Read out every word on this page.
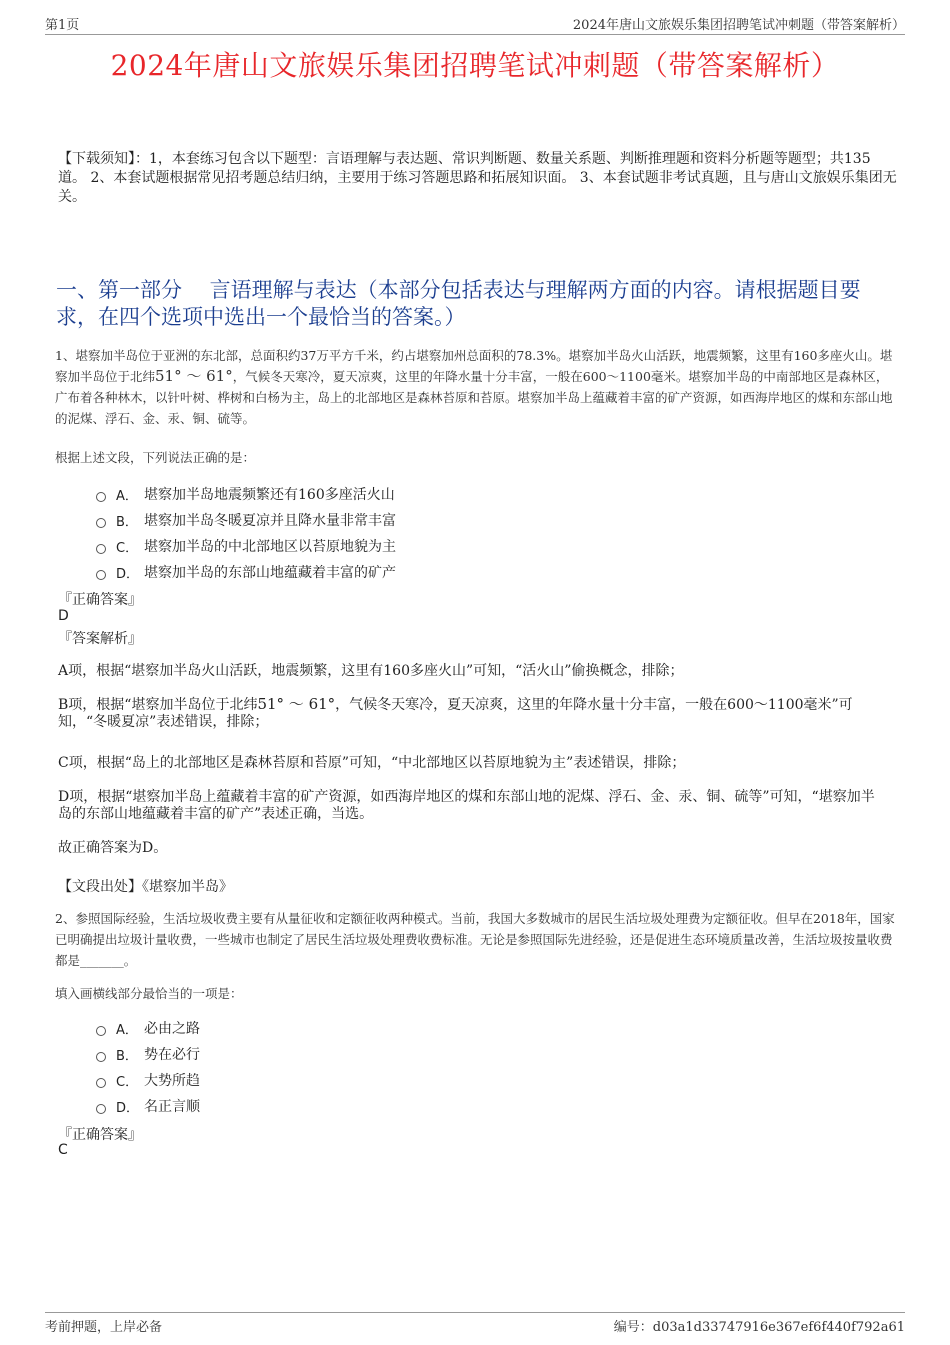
第1页	2024年唐山文旅娱乐集团招聘笔试冲刺题（带答案解析）
2024年唐山文旅娱乐集团招聘笔试冲刺题（带答案解析）
【下载须知】：1，本套练习包含以下题型：言语理解与表达题、常识判断题、数量关系题、判断推理题和资料分析题等题型；共135道。 2、本套试题根据常见招考题总结归纳，主要用于练习答题思路和拓展知识面。 3、本套试题非考试真题，且与唐山文旅娱乐集团无关。
一、第一部分　 言语理解与表达（本部分包括表达与理解两方面的内容。请根据题目要求，在四个选项中选出一个最恰当的答案。）
1、堪察加半岛位于亚洲的东北部，总面积约37万平方千米，约占堪察加州总面积的78.3%。堪察加半岛火山活跃，地震频繁，这里有160多座火山。堪察加半岛位于北纬51° ～ 61°，气候冬天寒冷，夏天凉爽，这里的年降水量十分丰富，一般在600～1100毫米。堪察加半岛的中南部地区是森林区，广布着各种林木，以针叶树、桦树和白杨为主，岛上的北部地区是森林苔原和苔原。堪察加半岛上蕴藏着丰富的矿产资源，如西海岸地区的煤和东部山地的泥煤、浮石、金、汞、铜、硫等。
根据上述文段，下列说法正确的是：
A． 堪察加半岛地震频繁还有160多座活火山
B． 堪察加半岛冬暖夏凉并且降水量非常丰富
C． 堪察加半岛的中北部地区以苔原地貌为主
D． 堪察加半岛的东部山地蕴藏着丰富的矿产
『正确答案』
D
『答案解析』
A项，根据“堪察加半岛火山活跃，地震频繁，这里有160多座火山”可知，“活火山”偷换概念，排除；
B项，根据“堪察加半岛位于北纬51° ～ 61°，气候冬天寒冷，夏天凉爽，这里的年降水量十分丰富，一般在600～1100毫米”可知，“冬暖夏凉”表述错误，排除；
C项，根据“岛上的北部地区是森林苔原和苔原”可知，“中北部地区以苔原地貌为主”表述错误，排除；
D项，根据“堪察加半岛上蕴藏着丰富的矿产资源，如西海岸地区的煤和东部山地的泥煤、浮石、金、汞、铜、硫等”可知，“堪察加半岛的东部山地蕴藏着丰富的矿产”表述正确，当选。
故正确答案为D。
【文段出处】《堪察加半岛》
2、参照国际经验，生活垃圾收费主要有从量征收和定额征收两种模式。当前，我国大多数城市的居民生活垃圾处理费为定额征收。但早在2018年，国家已明确提出垃圾计量收费，一些城市也制定了居民生活垃圾处理费收费标准。无论是参照国际先进经验，还是促进生态环境质量改善，生活垃圾按量收费都是_______。
填入画横线部分最恰当的一项是：
A． 必由之路
B． 势在必行
C． 大势所趋
D． 名正言顺
『正确答案』
C
考前押题，上岸必备	编号：d03a1d33747916e367ef6f440f792a61
